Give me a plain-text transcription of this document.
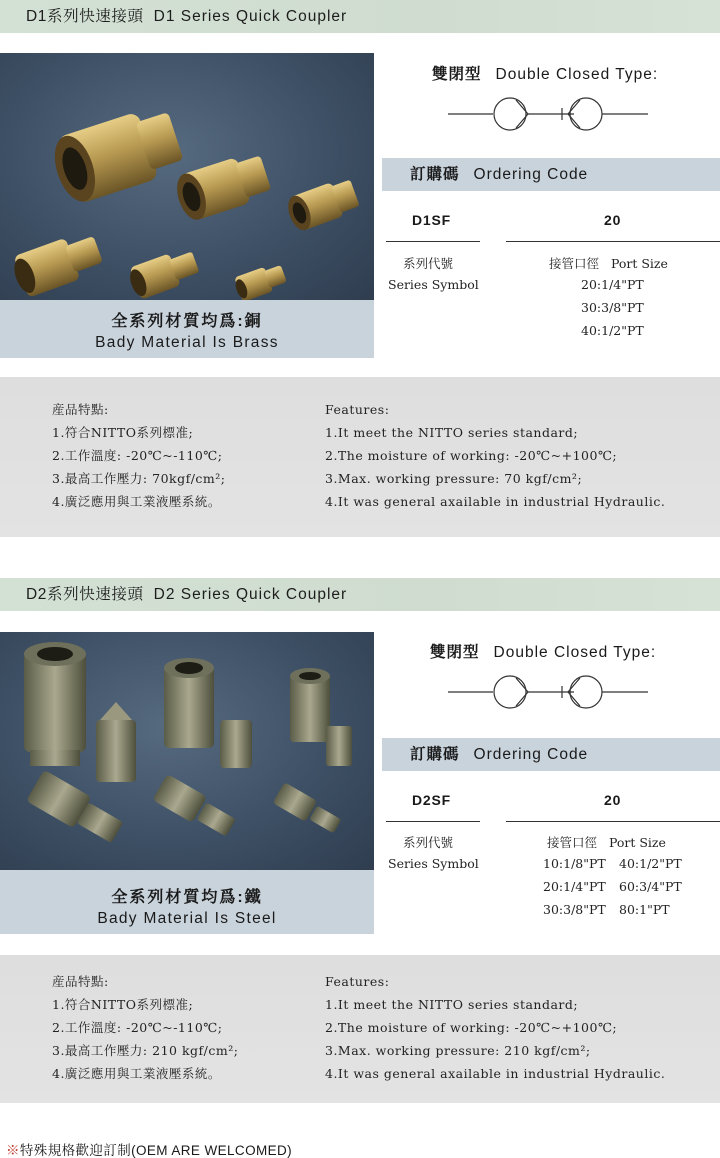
D1系列快速接頭 D1 Series Quick Coupler
全系列材質均爲:銅
Bady Material Is Brass
雙閉型 Double Closed Type:
訂購碼 Ordering Code
D1SF	20
系列代號
Series Symbol
接管口徑 Port Size
20:1/4"PT
30:3/8"PT
40:1/2"PT
産品特點:
1.符合NITTO系列標准;
2.工作溫度: -20℃~-110℃;
3.最高工作壓力: 70kgf/cm²;
4.廣泛應用與工業液壓系統。
Features:
1.It meet the NITTO series standard;
2.The moisture of working: -20℃~+100℃;
3.Max. working pressure: 70 kgf/cm²;
4.It was general axailable in industrial Hydraulic.
D2系列快速接頭 D2 Series Quick Coupler
全系列材質均爲:鐵
Bady Material Is Steel
雙閉型 Double Closed Type:
訂購碼 Ordering Code
D2SF	20
系列代號
Series Symbol
接管口徑 Port Size
10:1/8"PT 40:1/2"PT
20:1/4"PT 60:3/4"PT
30:3/8"PT 80:1"PT
産品特點:
1.符合NITTO系列標准;
2.工作溫度: -20℃~-110℃;
3.最高工作壓力: 210 kgf/cm²;
4.廣泛應用與工業液壓系統。
Features:
1.It meet the NITTO series standard;
2.The moisture of working: -20℃~+100℃;
3.Max. working pressure: 210 kgf/cm²;
4.It was general axailable in industrial Hydraulic.
※特殊規格歡迎訂制(OEM ARE WELCOMED)
